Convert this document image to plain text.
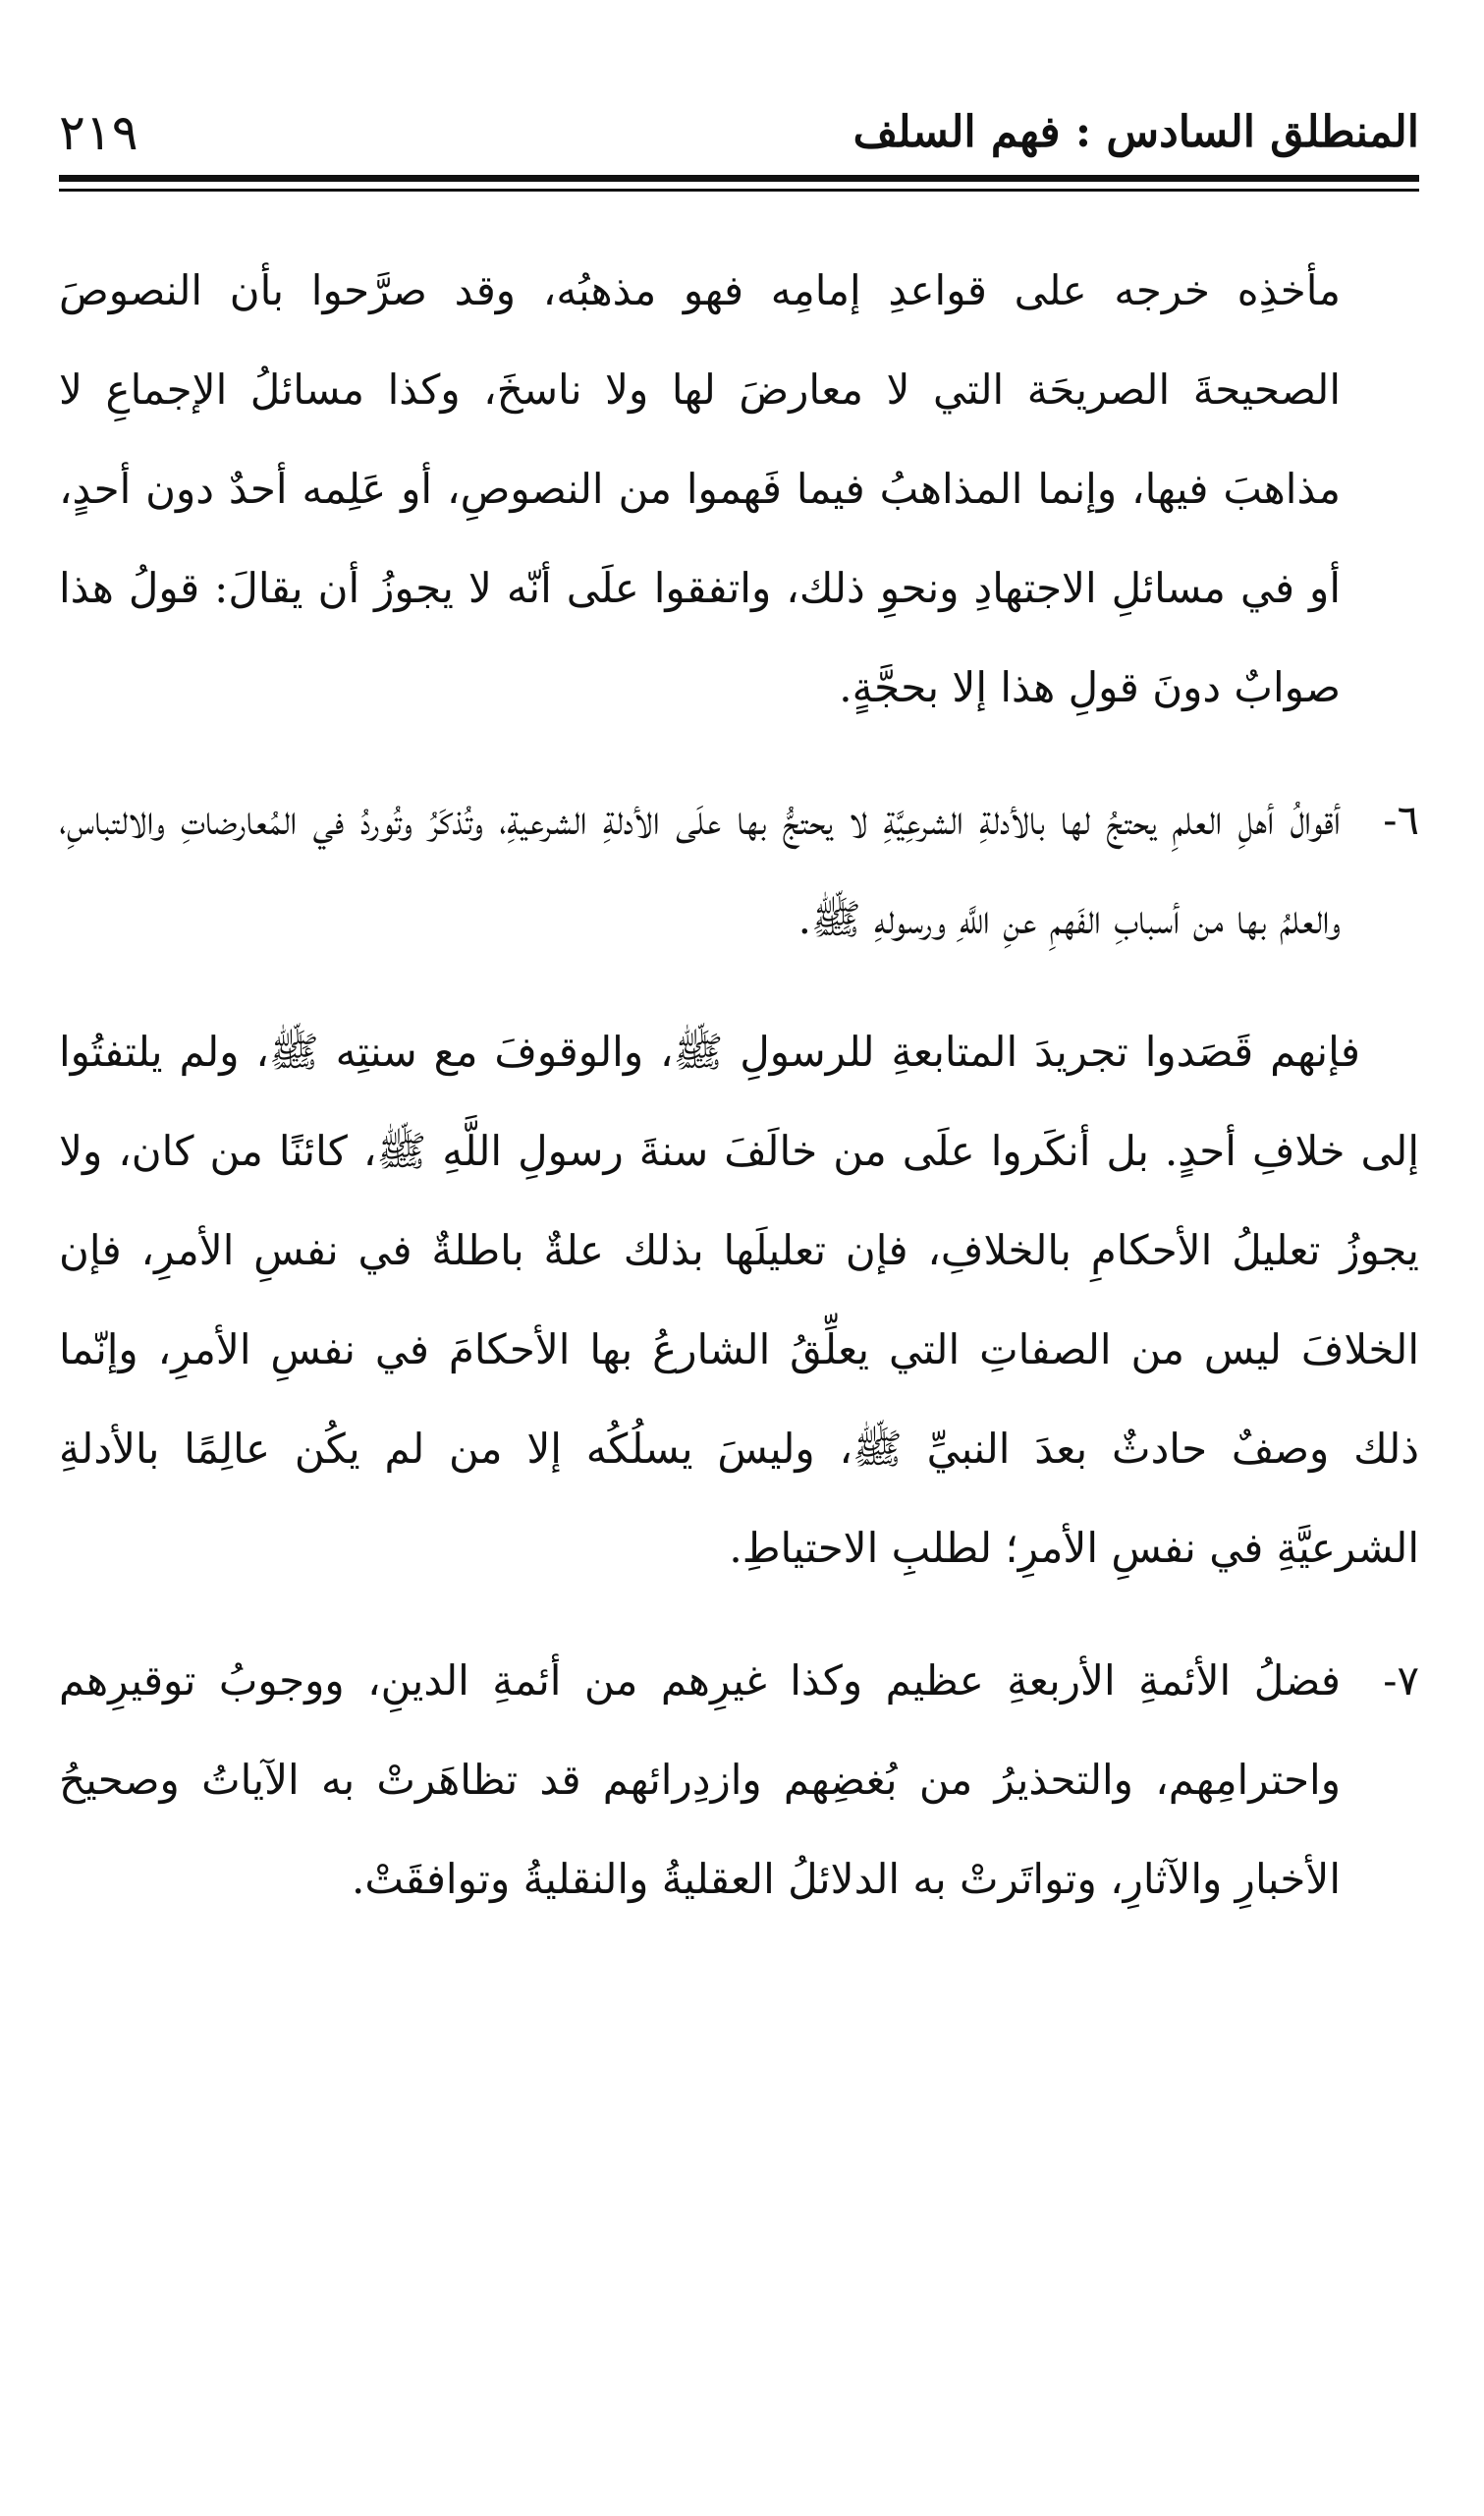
المنطلق السادس : فهم السلف
٢١٩

مأخذِه خرجه على قواعدِ إمامِه فهو مذهبُه، وقد صرَّحوا بأن النصوصَ الصحيحةَ الصريحَة التي لا معارضَ لها ولا ناسخَ، وكذا مسائلُ الإجماعِ لا مذاهبَ فيها، وإنما المذاهبُ فيما فَهموا من النصوصِ، أو عَلِمه أحدٌ دون أحدٍ، أو في مسائلِ الاجتهادِ ونحوِ ذلك، واتفقوا علَى أنّه لا يجوزُ أن يقالَ: قولُ هذا صوابٌ دونَ قولِ هذا إلا بحجَّةٍ.

٦-
أقوالُ أهلِ العلمِ يحتجُ لها بالأدلةِ الشرعِيَّةِ لا يحتجُّ بها علَى الأدلةِ الشرعيةِ، وتُذكَرُ وتُوردُ في المُعارضاتِ والالتباسِ، والعلمُ بها من أسبابِ الفَهمِ عنِ اللَّهِ ورسولهِ ﷺ.

فإنهم قَصَدوا تجريدَ المتابعةِ للرسولِ ﷺ، والوقوفَ مع سنتِه ﷺ، ولم يلتفتُوا إلى خلافِ أحدٍ. بل أنكَروا علَى من خالَفَ سنةَ رسولِ اللَّهِ ﷺ، كائنًا من كان، ولا يجوزُ تعليلُ الأحكامِ بالخلافِ، فإن تعليلَها بذلك علةٌ باطلةٌ في نفسِ الأمرِ، فإن الخلافَ ليس من الصفاتِ التي يعلِّقُ الشارعُ بها الأحكامَ في نفسِ الأمرِ، وإنّما ذلك وصفٌ حادثٌ بعدَ النبيِّ ﷺ، وليسَ يسلُكُه إلا من لم يكُن عالِمًا بالأدلةِ الشرعيَّةِ في نفسِ الأمرِ؛ لطلبِ الاحتياطِ.

٧-
فضلُ الأئمةِ الأربعةِ عظيم وكذا غيرِهم من أئمةِ الدينِ، ووجوبُ توقيرِهم واحترامِهم، والتحذيرُ من بُغضِهم وازدِرائهم قد تظاهَرتْ به الآياتُ وصحيحُ الأخبارِ والآثارِ، وتواتَرتْ به الدلائلُ العقليةُ والنقليةُ وتوافقَتْ.
